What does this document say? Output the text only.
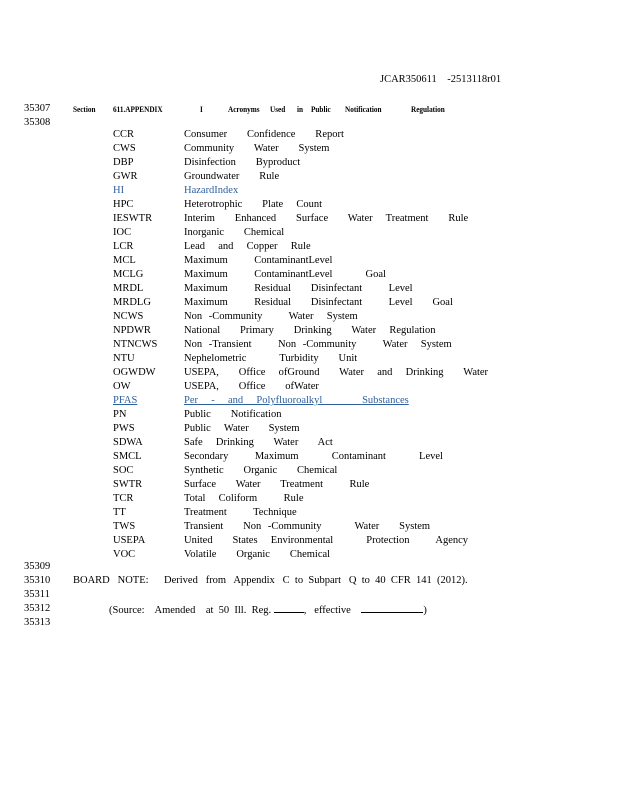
JCAR350611    -2513118r01
35307
35308
Section 611.APPENDIX	I	Acronyms Used in Public Notification	Regulation
CCR	Consumer   Confidence   Report
CWS	Community   Water   System
DBP	Disinfection   Byproduct
GWR	Groundwater   Rule
HI	HazardIndex
HPC	Heterotrophic   Plate  Count
IESWTR	Interim   Enhanced   Surface   Water  Treatment   Rule
IOC	Inorganic   Chemical
LCR	Lead  and  Copper  Rule
MCL	Maximum    ContaminantLevel
MCLG	Maximum    ContaminantLevel     Goal
MRDL	Maximum    Residual   Disinfectant    Level
MRDLG	Maximum    Residual   Disinfectant    Level   Goal
NCWS	Non -Community    Water  System
NPDWR	National   Primary   Drinking   Water  Regulation
NTNCWS	Non -Transient    Non -Community    Water  System
NTU	Nephelometric     Turbidity   Unit
OGWDW	USEPA,   Office  ofGround   Water  and  Drinking   Water
OW	USEPA,   Office   ofWater
PFAS	Per  -  and  Polyfluoroalkyl      Substances
PN	Public   Notification
PWS	Public  Water   System
SDWA	Safe  Drinking   Water   Act
SMCL	Secondary    Maximum     Contaminant     Level
SOC	Synthetic   Organic   Chemical
SWTR	Surface   Water   Treatment    Rule
TCR	Total  Coliform    Rule
TT	Treatment    Technique
TWS	Transient   Non -Community     Water   System
USEPA	United   States  Environmental     Protection    Agency
VOC	Volatile   Organic   Chemical
35309
35310
35311
35312
35313
BOARD   NOTE: Derived   from   Appendix   C  to  Subpart   Q  to  40  CFR  141  (2012).
(Source: Amended    at  50  Ill.  Reg.	,   effective	)
